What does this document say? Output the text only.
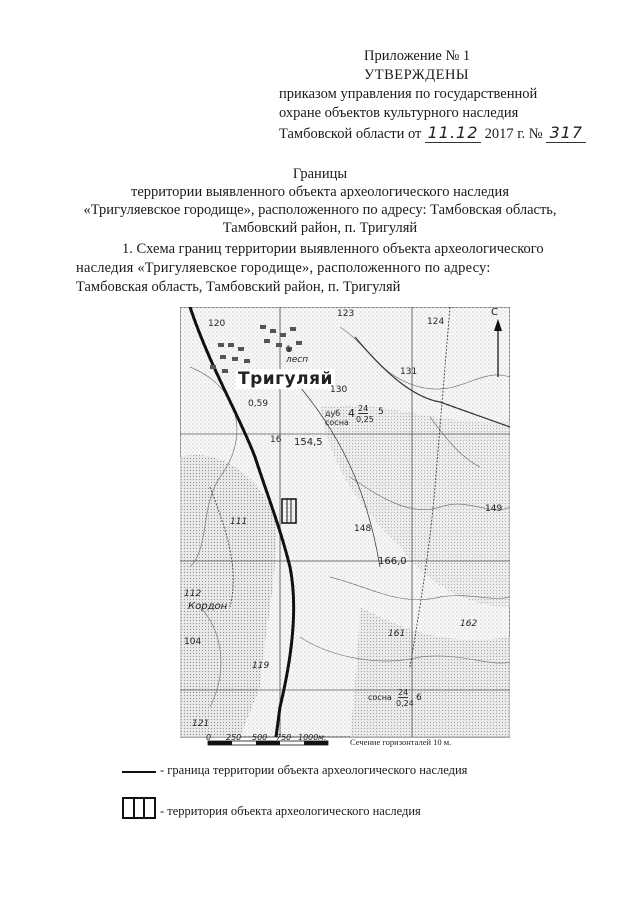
Приложение № 1
УТВЕРЖДЕНЫ
приказом управления по государственной
охране объектов культурного наследия
Тамбовской области от 11.12 2017 г. № 317
Границы
территории выявленного объекта археологического наследия
«Тригуляевское городище», расположенного по адресу: Тамбовская область,
Тамбовский район, п. Тригуляй
1. Схема границ территории выявленного объекта археологического
наследия «Тригуляевское городище», расположенного по адресу:
Тамбовская область, Тамбовский район, п. Тригуляй
120
123
124
1
лесп
Тригуляй
130
131
0,59
дуб
сосна
4 24
0,25
5
154,5
16
148
149
111
166,0
112
Кордон
104
161
162
119
сосна
24
0,24
6
121
С
0 250 500 750 1000 м.	Сечение горизонталей 10 м.
- граница территории объекта археологического наследия
- территория объекта археологического наследия
